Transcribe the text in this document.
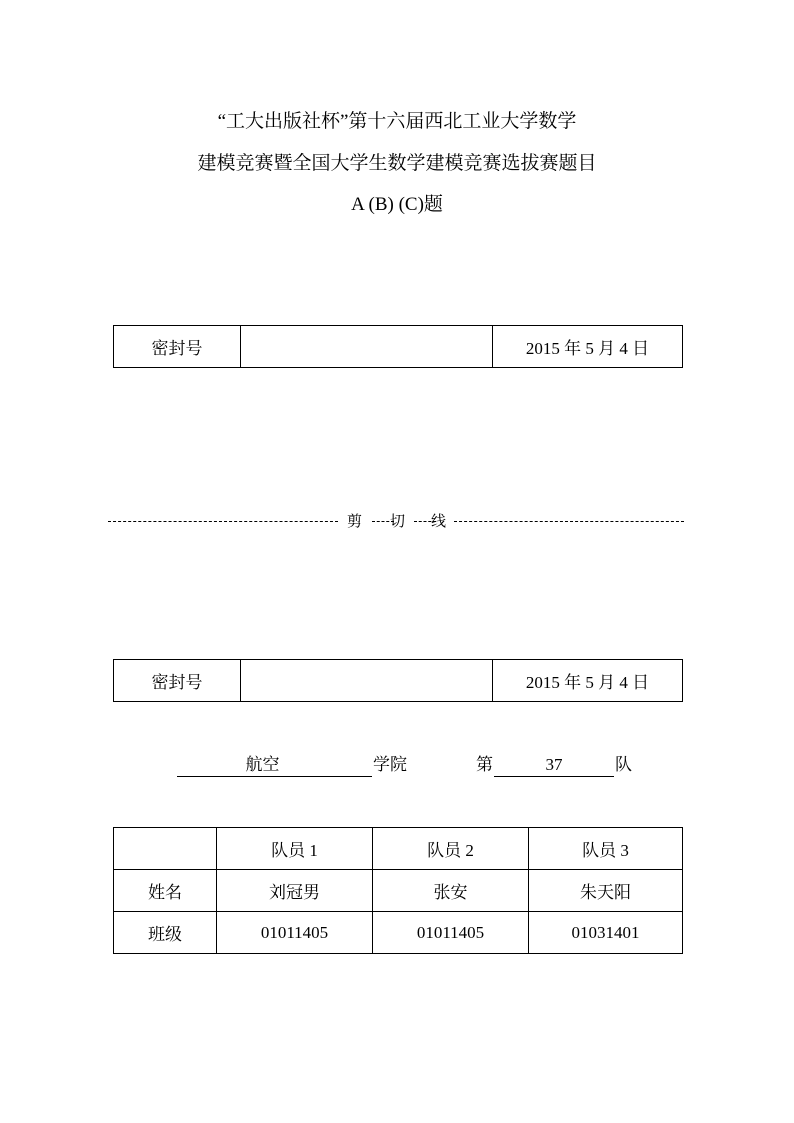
“工大出版社杯”第十六届西北工业大学数学
建模竞赛暨全国大学生数学建模竞赛选拔赛题目
A (B) (C)题
密封号		2015 年 5 月 4 日
剪 切 线
密封号		2015 年 5 月 4 日
航空	学院	第	37	队
	队员 1	队员 2	队员 3
姓名	刘冠男	张安	朱天阳
班级	01011405	01011405	01031401
